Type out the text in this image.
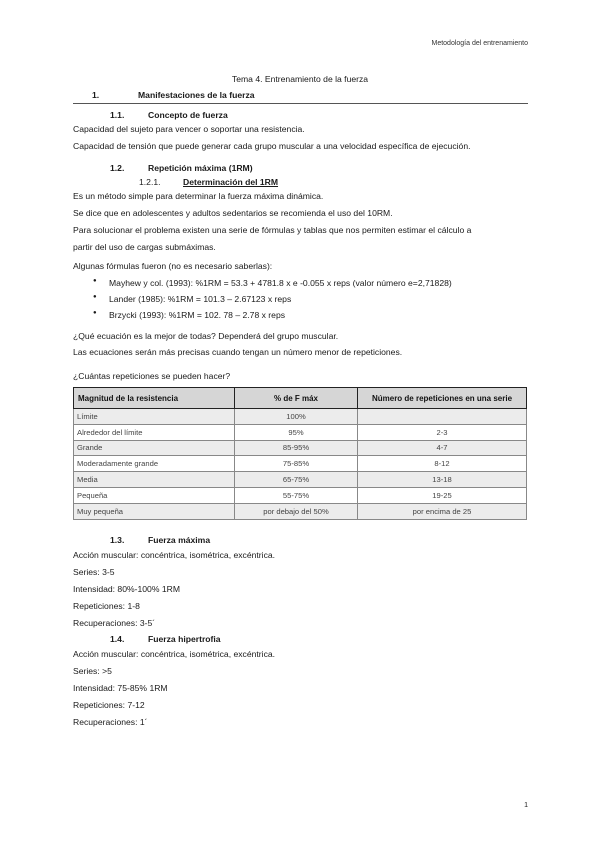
Metodología del entrenamiento
Tema 4. Entrenamiento de la fuerza
1.	Manifestaciones de la fuerza
1.1.	Concepto de fuerza
Capacidad del sujeto para vencer o soportar una resistencia.
Capacidad de tensión que puede generar cada grupo muscular a una velocidad específica de ejecución.
1.2.	Repetición máxima (1RM)
1.2.1.	Determinación del 1RM
Es un método simple para determinar la fuerza máxima dinámica.
Se dice que en adolescentes y adultos sedentarios se recomienda el uso del 10RM.
Para solucionar el problema existen una serie de fórmulas y tablas que nos permiten estimar el cálculo a
partir del uso de cargas submáximas.
Algunas fórmulas fueron (no es necesario saberlas):
● Mayhew y col. (1993): %1RM = 53.3 + 4781.8 x e -0.055 x reps (valor número e=2,71828)
● Lander (1985): %1RM = 101.3 – 2.67123 x reps
● Brzycki (1993): %1RM = 102. 78 – 2.78 x reps
¿Qué ecuación es la mejor de todas? Dependerá del grupo muscular.
Las ecuaciones serán más precisas cuando tengan un número menor de repeticiones.
¿Cuántas repeticiones se pueden hacer?
Magnitud de la resistencia	% de F máx	Número de repeticiones en una serie
Límite	100%	
Alrededor del límite	95%	2-3
Grande	85-95%	4-7
Moderadamente grande	75-85%	8-12
Media	65-75%	13-18
Pequeña	55-75%	19-25
Muy pequeña	por debajo del 50%	por encima de 25
1.3.	Fuerza máxima
Acción muscular: concéntrica, isométrica, excéntrica.
Series: 3-5
Intensidad: 80%-100% 1RM
Repeticiones: 1-8
Recuperaciones: 3-5´
1.4.	Fuerza hipertrofia
Acción muscular: concéntrica, isométrica, excéntrica.
Series: >5
Intensidad: 75-85% 1RM
Repeticiones: 7-12
Recuperaciones: 1´
1
